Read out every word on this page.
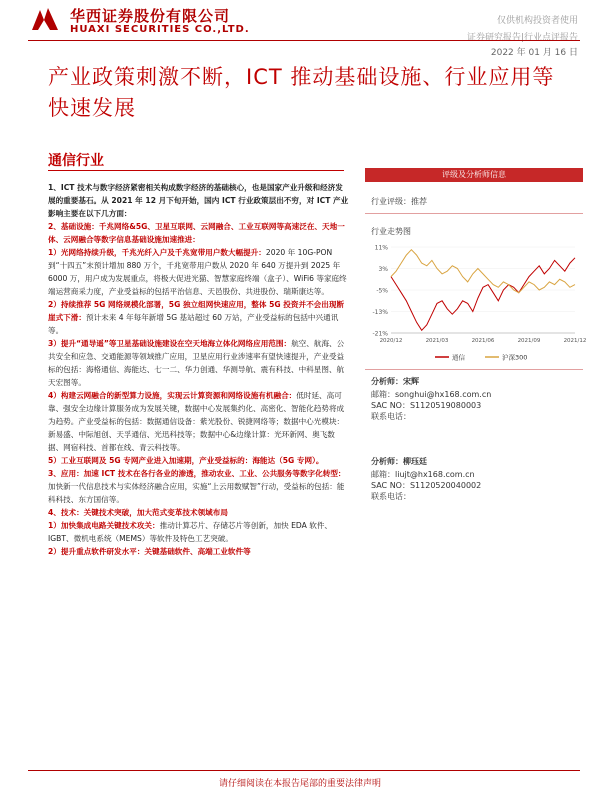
华西证券股份有限公司
HUAXI SECURITIES CO.,LTD.
仅供机构投资者使用
证券研究报告|行业点评报告
2022 年 01 月 16 日
产业政策刺激不断，ICT 推动基础设施、行业应用等快速发展
通信行业

1、ICT 技术与数字经济紧密相关构成数字经济的基础核心，也是国家产业升级和经济发展的重要基石。从 2021 年 12 月下旬开始，国内 ICT 行业政策层出不穷，对 ICT 产业影响主要在以下几方面：

2、基础设施：千兆网络&5G、卫星互联网、云网融合、工业互联网等高速泛在、天地一体、云网融合等数字信息基础设施加速推进：

1）光网络持续升级，千兆光纤入户及千兆宽带用户数大幅提升：2020 年 10G-PON 到“十四五”末预计增加 880 万个，千兆宽带用户数从 2020 年 640 万提升到 2025 年 6000 万，用户成为发展重点，将极大促进光猫、智慧家庭终端（盒子）、WiFi6 等家庭终端运营商采力度，产业受益标的包括平治信息、天邑股份、共进股份、瑞斯康达等。

2）持续推荐 5G 网络规模化部署，5G 独立组网快速应用，整体 5G 投资并不会出现断崖式下滑：预计未来 4 年每年新增 5G 基站超过 60 万站，产业受益标的包括中兴通讯等。

3）提升“通导遥”等卫星基础设施建设在空天地海立体化网络应用范围：航空、航海、公共安全和应急、交通能源等领域推广应用，卫星应用行业涉速率有望快速提升，产业受益标的包括：海格通信、海能达、七一二、华力创通、华测导航、震有科技、中科星图、航天宏图等。

4）构建云网融合的新型算力设施，实现云计算资源和网络设施有机融合：低时延、高可靠、强安全边缘计算服务成为发展关键，数据中心发展集约化、高密化、智能化趋势将成为趋势。产业受益标的包括：数据通信设备：紫光股份、锐捷网络等；数据中心光模块：新易盛、中际旭创、天孚通信、光迅科技等；数据中心&边缘计算：光环新网、奥飞数据、网宿科技、首都在线、青云科技等。

5）工业互联网及 5G 专网产业进入加速期，产业受益标的：海能达（5G 专网）。

3、应用：加速 ICT 技术在各行各业的渗透，推动农业、工业、公共服务等数字化转型：加快新一代信息技术与实体经济融合应用，实施“上云用数赋智”行动，受益标的包括：能科科技、东方国信等。

4、技术：关键技术突破，加大范式变革技术领域布局

1）加快集成电路关键技术攻关：推动计算芯片、存储芯片等创新，加快 EDA 软件、IGBT、微机电系统（MEMS）等软件及特色工艺突破。

2）提升重点软件研发水平：关键基础软件、高端工业软件等

评级及分析师信息
行业评级：推荐
行业走势图
11%
3%
-5%
-13%
-21%
2020/12	2021/03	2021/06	2021/09	2021/12
通信	沪深300
分析师：宋辉
邮箱：songhui@hx168.com.cn
SAC NO：S1120519080003
联系电话：
分析师：柳珏廷
邮箱：liujt@hx168.com.cn
SAC NO：S1120520040002
联系电话：
请仔细阅读在本报告尾部的重要法律声明
